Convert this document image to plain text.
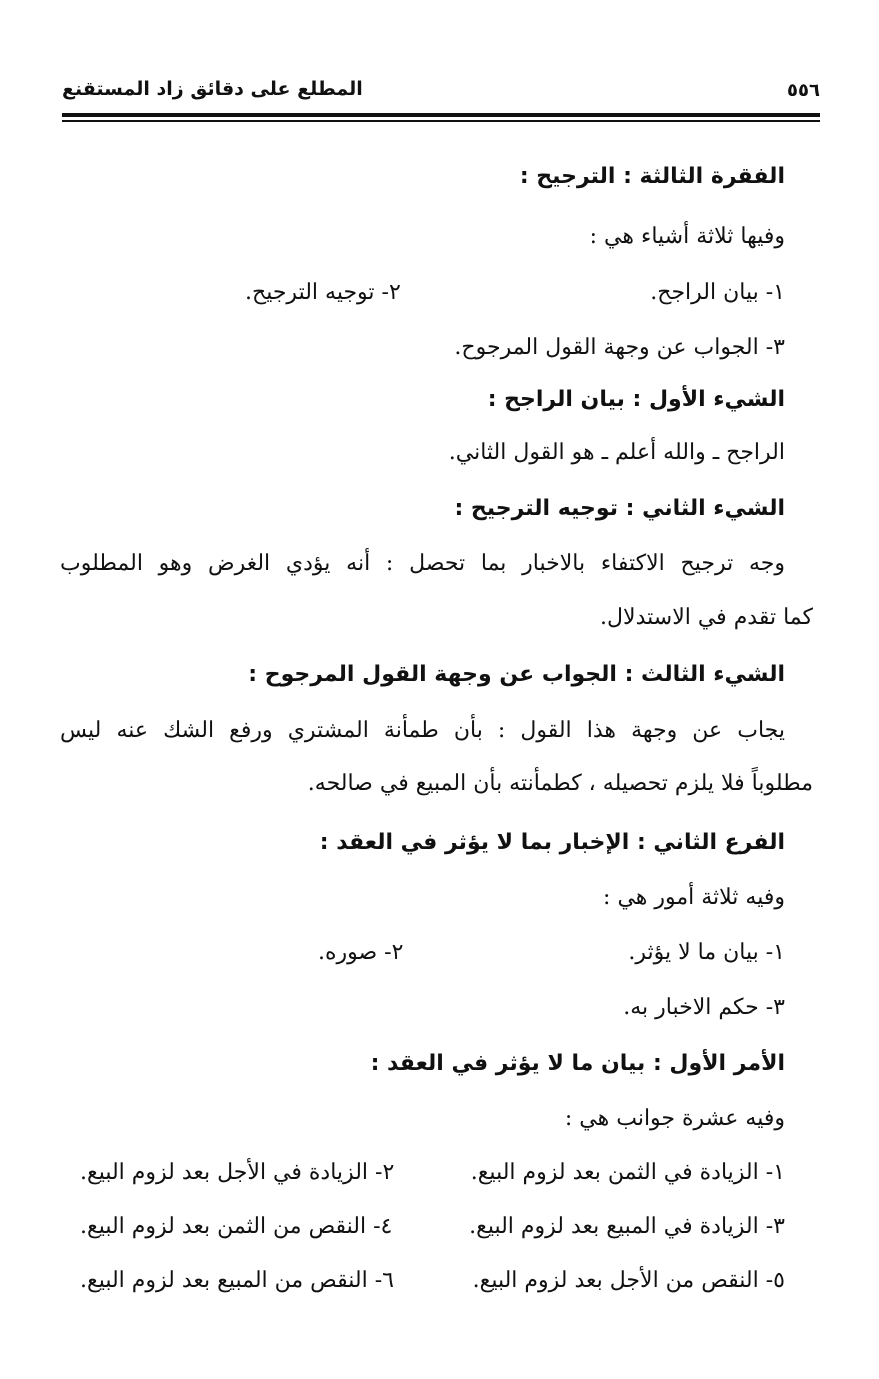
٥٥٦
المطلع على دقائق زاد المستقنع
الفقرة الثالثة : الترجيح :
وفيها ثلاثة أشياء هي :
١- بيان الراجح.
٢- توجيه الترجيح.
٣- الجواب عن وجهة القول المرجوح.
الشيء الأول : بيان الراجح :
الراجح ـ والله أعلم ـ هو القول الثاني.
الشيء الثاني : توجيه الترجيح :
وجه ترجيح الاكتفاء بالاخبار بما تحصل : أنه يؤدي الغرض وهو المطلوب
كما تقدم في الاستدلال.
الشيء الثالث : الجواب عن وجهة القول المرجوح :
يجاب عن وجهة هذا القول : بأن طمأنة المشتري ورفع الشك عنه ليس
مطلوباً فلا يلزم تحصيله ، كطمأنته بأن المبيع في صالحه.
الفرع الثاني : الإخبار بما لا يؤثر في العقد :
وفيه ثلاثة أمور هي :
١- بيان ما لا يؤثر.
٢- صوره.
٣- حكم الاخبار به.
الأمر الأول : بيان ما لا يؤثر في العقد :
وفيه عشرة جوانب هي :
١- الزيادة في الثمن بعد لزوم البيع.
٢- الزيادة في الأجل بعد لزوم البيع.
٣- الزيادة في المبيع بعد لزوم البيع.
٤- النقص من الثمن بعد لزوم البيع.
٥- النقص من الأجل بعد لزوم البيع.
٦- النقص من المبيع بعد لزوم البيع.
